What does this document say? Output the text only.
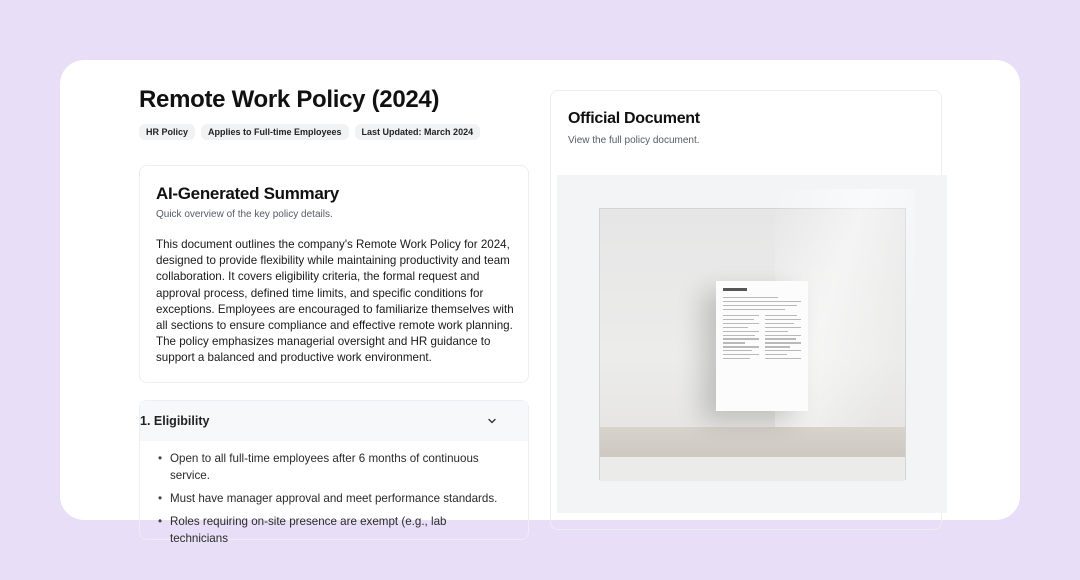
Remote Work Policy (2024)
HR Policy	Applies to Full-time Employees	Last Updated: March 2024
AI-Generated Summary
Quick overview of the key policy details.

This document outlines the company's Remote Work Policy for 2024, designed to provide flexibility while maintaining productivity and team collaboration. It covers eligibility criteria, the formal request and approval process, defined time limits, and specific conditions for exceptions. Employees are encouraged to familiarize themselves with all sections to ensure compliance and effective remote work planning. The policy emphasizes managerial oversight and HR guidance to support a balanced and productive work environment.

1. Eligibility
• Open to all full-time employees after 6 months of continuous service.
• Must have manager approval and meet performance standards.
• Roles requiring on-site presence are exempt (e.g., lab technicians
Official Document
View the full policy document.
